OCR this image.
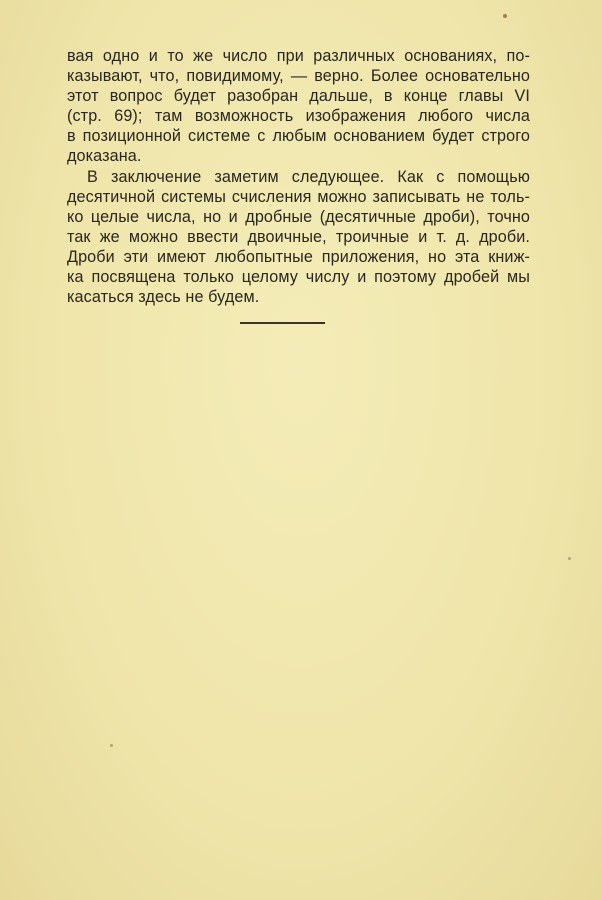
вая одно и то же число при различных основаниях, по-
казывают, что, повидимому, — верно. Более основательно
этот вопрос будет разобран дальше, в конце главы VI
(стр. 69); там возможность изображения любого числа
в позиционной системе с любым основанием будет строго
доказана.
В заключение заметим следующее. Как с помощью
десятичной системы счисления можно записывать не толь-
ко целые числа, но и дробные (десятичные дроби), точно
так же можно ввести двоичные, троичные и т. д. дроби.
Дроби эти имеют любопытные приложения, но эта книж-
ка посвящена только целому числу и поэтому дробей мы
касаться здесь не будем.
